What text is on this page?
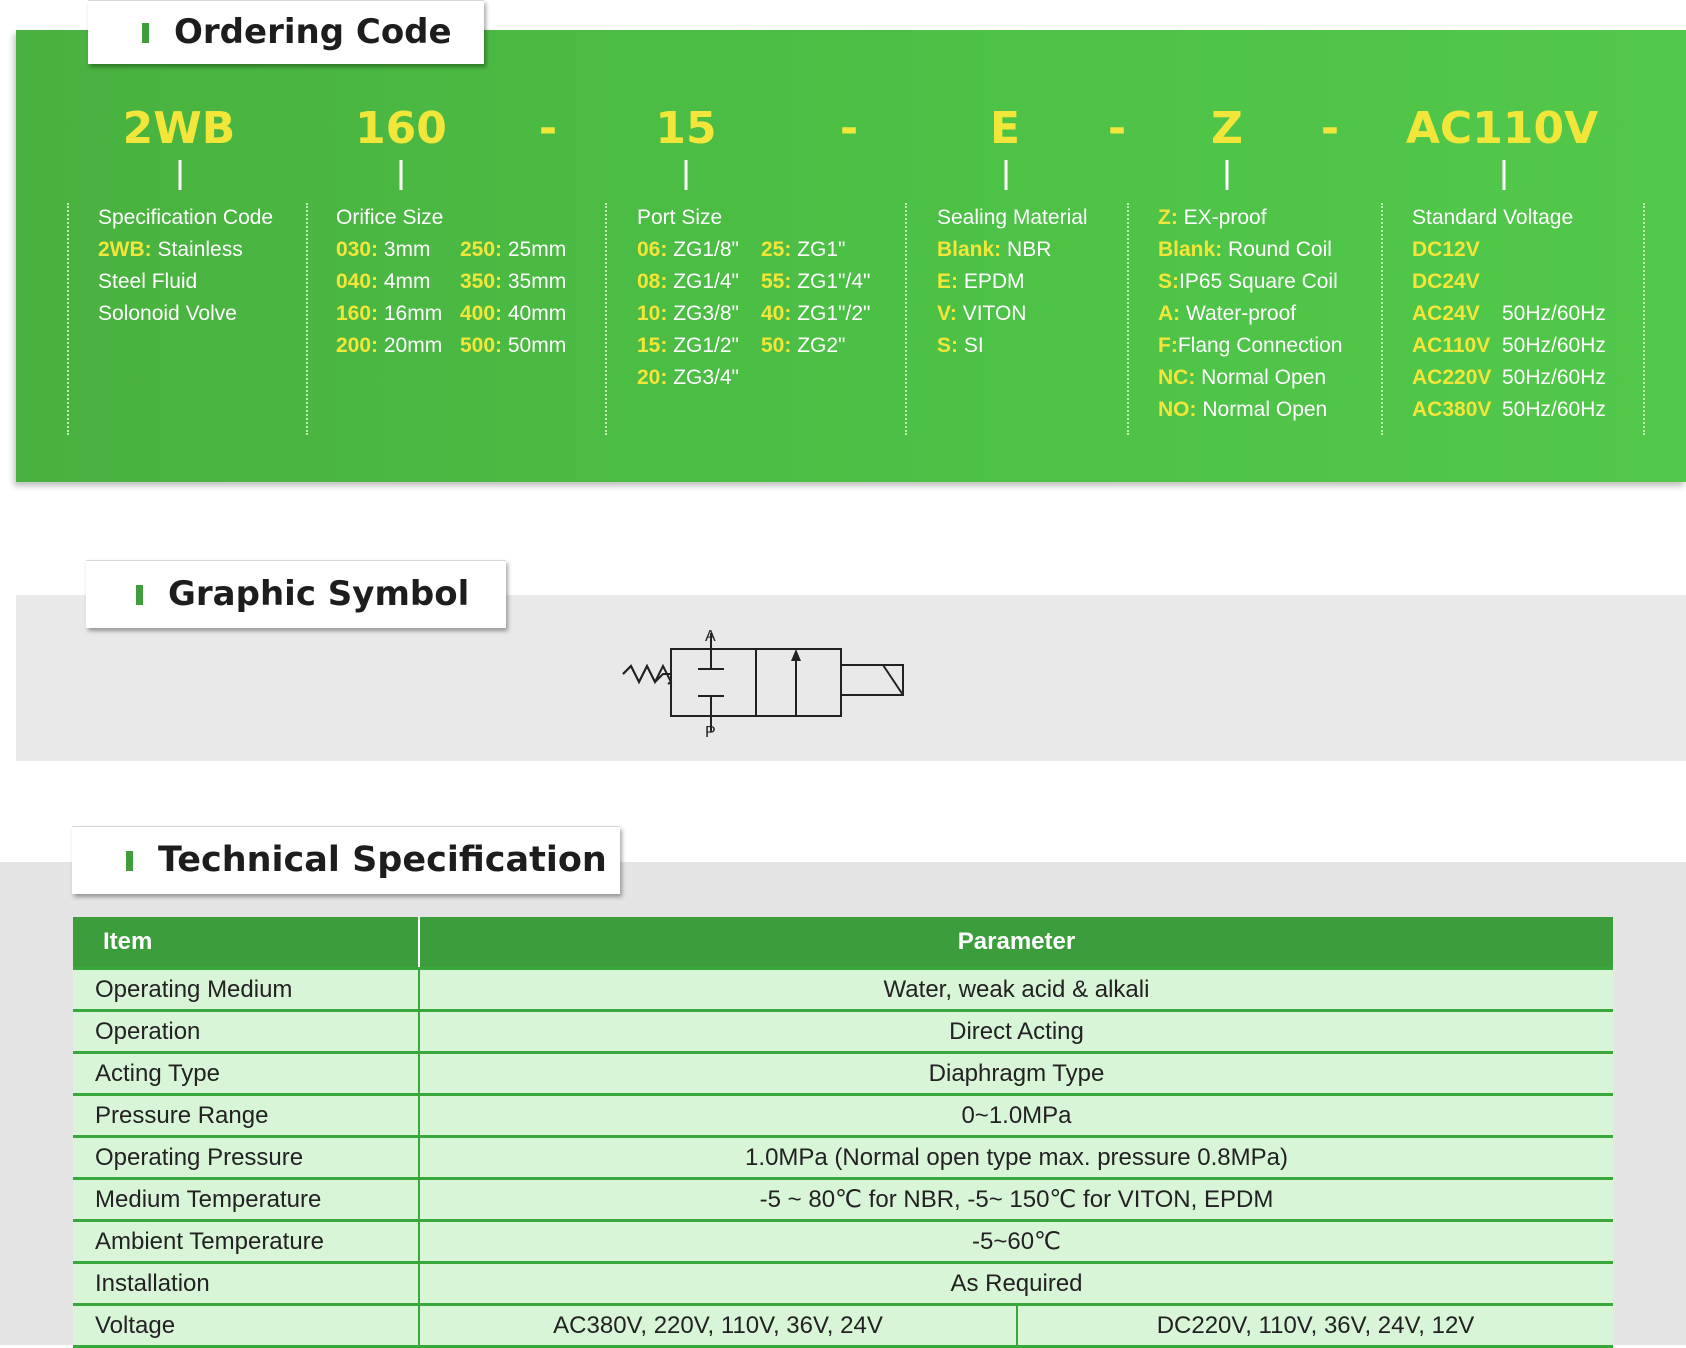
Ordering Code
2WB	160 - 15	-	E - Z - AC110V
Specification Code
2WB: Stainless
Steel Fluid
Solonoid Volve
Orifice Size
030: 3mm 250: 25mm
040: 4mm 350: 35mm
160: 16mm 400: 40mm
200: 20mm 500: 50mm
Port Size
06: ZG1/8" 25: ZG1"
08: ZG1/4" 55: ZG1"/4"
10: ZG3/8" 40: ZG1"/2"
15: ZG1/2" 50: ZG2"
20: ZG3/4"
Sealing Material
Blank: NBR
E: EPDM
V: VITON
S: SI
Z: EX-proof
Blank: Round Coil
S:IP65 Square Coil
A: Water-proof
F:Flang Connection
NC: Normal Open
NO: Normal Open
Standard Voltage
DC12V
DC24V
AC24V 50Hz/60Hz
AC110V 50Hz/60Hz
AC220V 50Hz/60Hz
AC380V 50Hz/60Hz
Graphic Symbol
A
P
Technical Specification
Item	Parameter	
Operating Medium	Water, weak acid & alkali	
Operation	Direct Acting	
Acting Type	Diaphragm Type	
Pressure Range	0~1.0MPa	
Operating Pressure	1.0MPa (Normal open type max. pressure 0.8MPa)	
Medium Temperature	-5 ~ 80℃ for NBR, -5~ 150℃ for VITON, EPDM	
Ambient Temperature	-5~60℃	
Installation	As Required	
Voltage	AC380V, 220V, 110V, 36V, 24V	DC220V, 110V, 36V, 24V, 12V
